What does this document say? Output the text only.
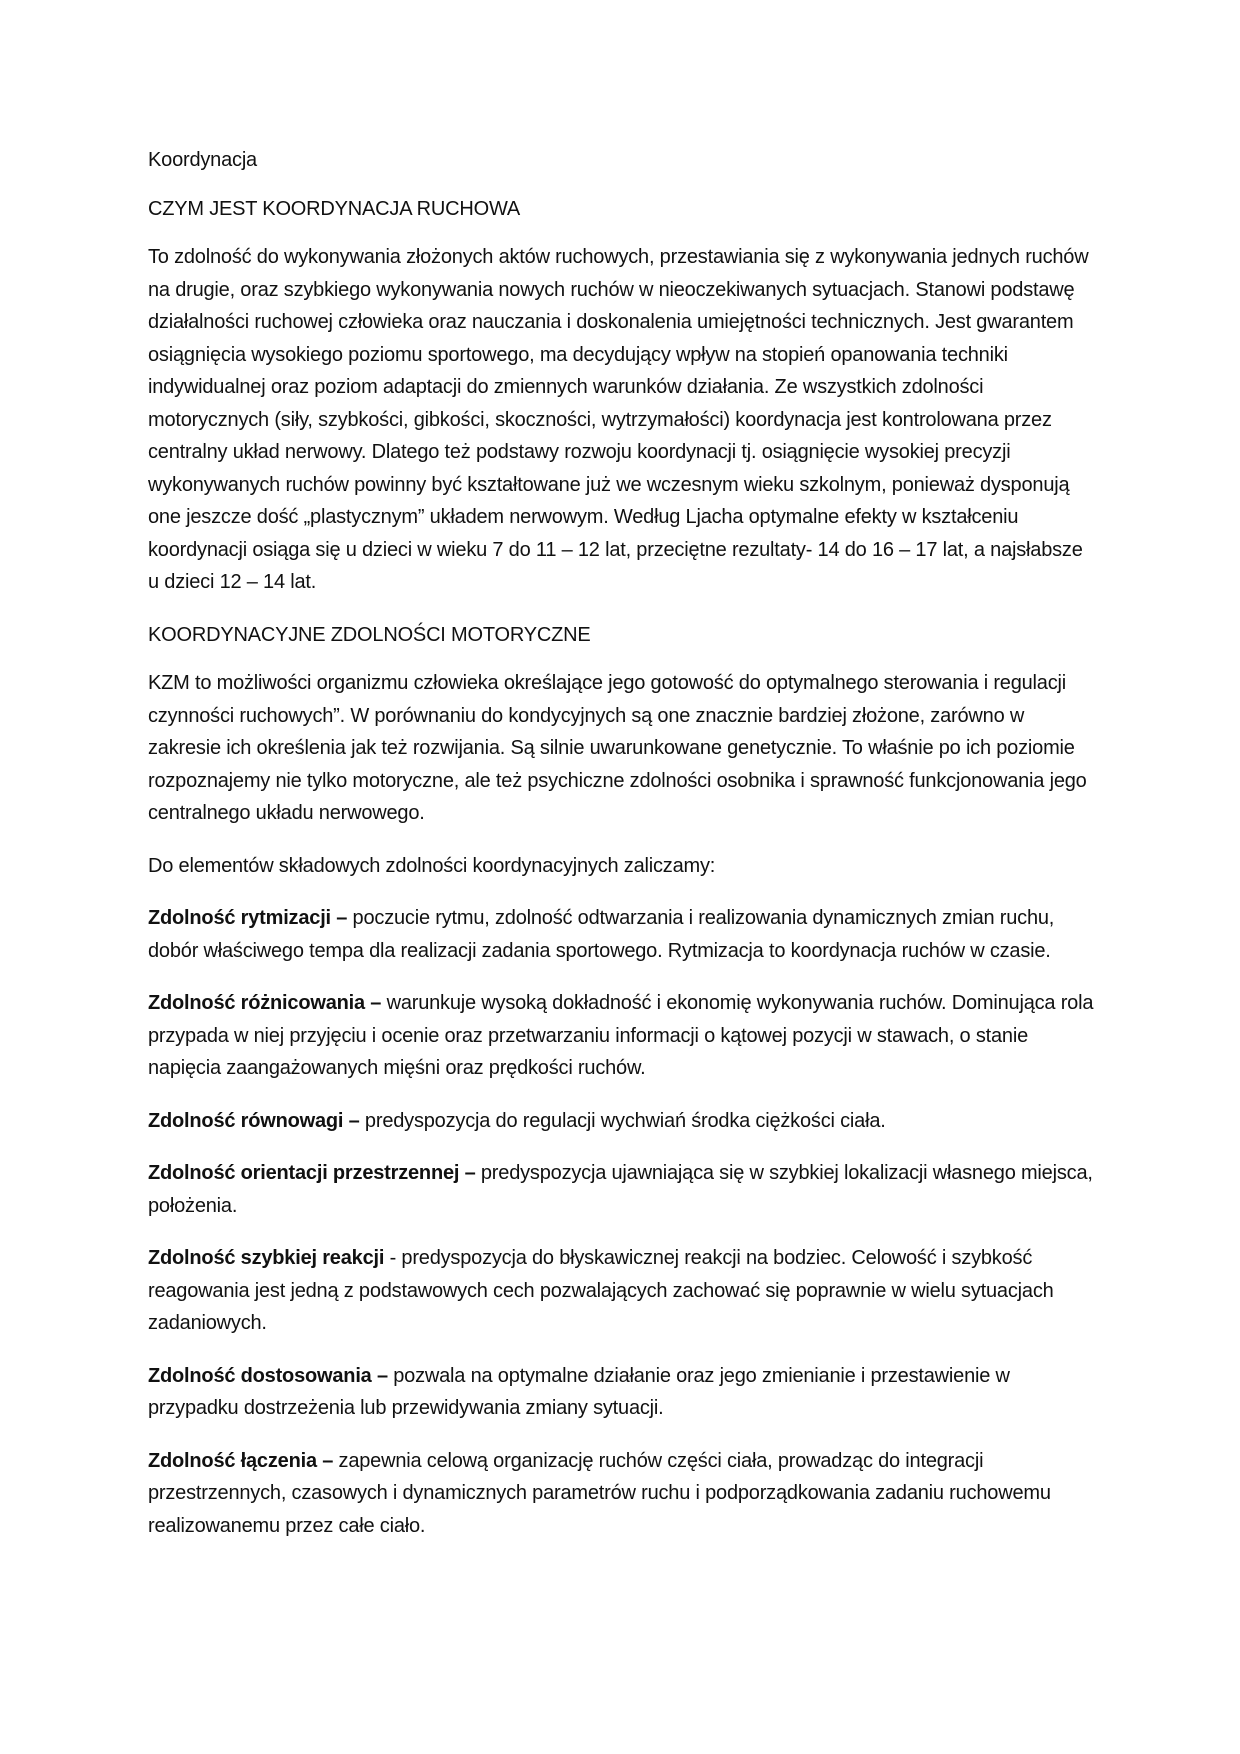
Koordynacja

CZYM JEST KOORDYNACJA RUCHOWA

To zdolność do wykonywania złożonych aktów ruchowych, przestawiania się z wykonywania jednych ruchów na drugie, oraz szybkiego wykonywania nowych ruchów w nieoczekiwanych sytuacjach. Stanowi podstawę działalności ruchowej człowieka oraz nauczania i doskonalenia umiejętności technicznych. Jest gwarantem osiągnięcia wysokiego poziomu sportowego, ma decydujący wpływ na stopień opanowania techniki indywidualnej oraz poziom adaptacji do zmiennych warunków działania. Ze wszystkich zdolności motorycznych (siły, szybkości, gibkości, skoczności, wytrzymałości) koordynacja jest kontrolowana przez centralny układ nerwowy. Dlatego też podstawy rozwoju koordynacji tj. osiągnięcie wysokiej precyzji wykonywanych ruchów powinny być kształtowane już we wczesnym wieku szkolnym, ponieważ dysponują one jeszcze dość „plastycznym” układem nerwowym. Według Ljacha optymalne efekty w kształceniu koordynacji osiąga się u dzieci w wieku 7 do 11 – 12 lat, przeciętne rezultaty- 14 do 16 – 17 lat, a najsłabsze u dzieci 12 – 14 lat.

KOORDYNACYJNE ZDOLNOŚCI MOTORYCZNE

KZM to możliwości organizmu człowieka określające jego gotowość do optymalnego sterowania i regulacji czynności ruchowych”. W porównaniu do kondycyjnych są one znacznie bardziej złożone, zarówno w zakresie ich określenia jak też rozwijania. Są silnie uwarunkowane genetycznie. To właśnie po ich poziomie rozpoznajemy nie tylko motoryczne, ale też psychiczne zdolności osobnika i sprawność funkcjonowania jego centralnego układu nerwowego.

Do elementów składowych zdolności koordynacyjnych zaliczamy:

Zdolność rytmizacji – poczucie rytmu, zdolność odtwarzania i realizowania dynamicznych zmian ruchu, dobór właściwego tempa dla realizacji zadania sportowego. Rytmizacja to koordynacja ruchów w czasie.

Zdolność różnicowania – warunkuje wysoką dokładność i ekonomię wykonywania ruchów. Dominująca rola przypada w niej przyjęciu i ocenie oraz przetwarzaniu informacji o kątowej pozycji w stawach, o stanie napięcia zaangażowanych mięśni oraz prędkości ruchów.

Zdolność równowagi – predyspozycja do regulacji wychwiań środka ciężkości ciała.

Zdolność orientacji przestrzennej – predyspozycja ujawniająca się w szybkiej lokalizacji własnego miejsca, położenia.

Zdolność szybkiej reakcji - predyspozycja do błyskawicznej reakcji na bodziec. Celowość i szybkość reagowania jest jedną z podstawowych cech pozwalających zachować się poprawnie w wielu sytuacjach zadaniowych.

Zdolność dostosowania – pozwala na optymalne działanie oraz jego zmienianie i przestawienie w przypadku dostrzeżenia lub przewidywania zmiany sytuacji.

Zdolność łączenia – zapewnia celową organizację ruchów części ciała, prowadząc do integracji przestrzennych, czasowych i dynamicznych parametrów ruchu i podporządkowania zadaniu ruchowemu realizowanemu przez całe ciało.
